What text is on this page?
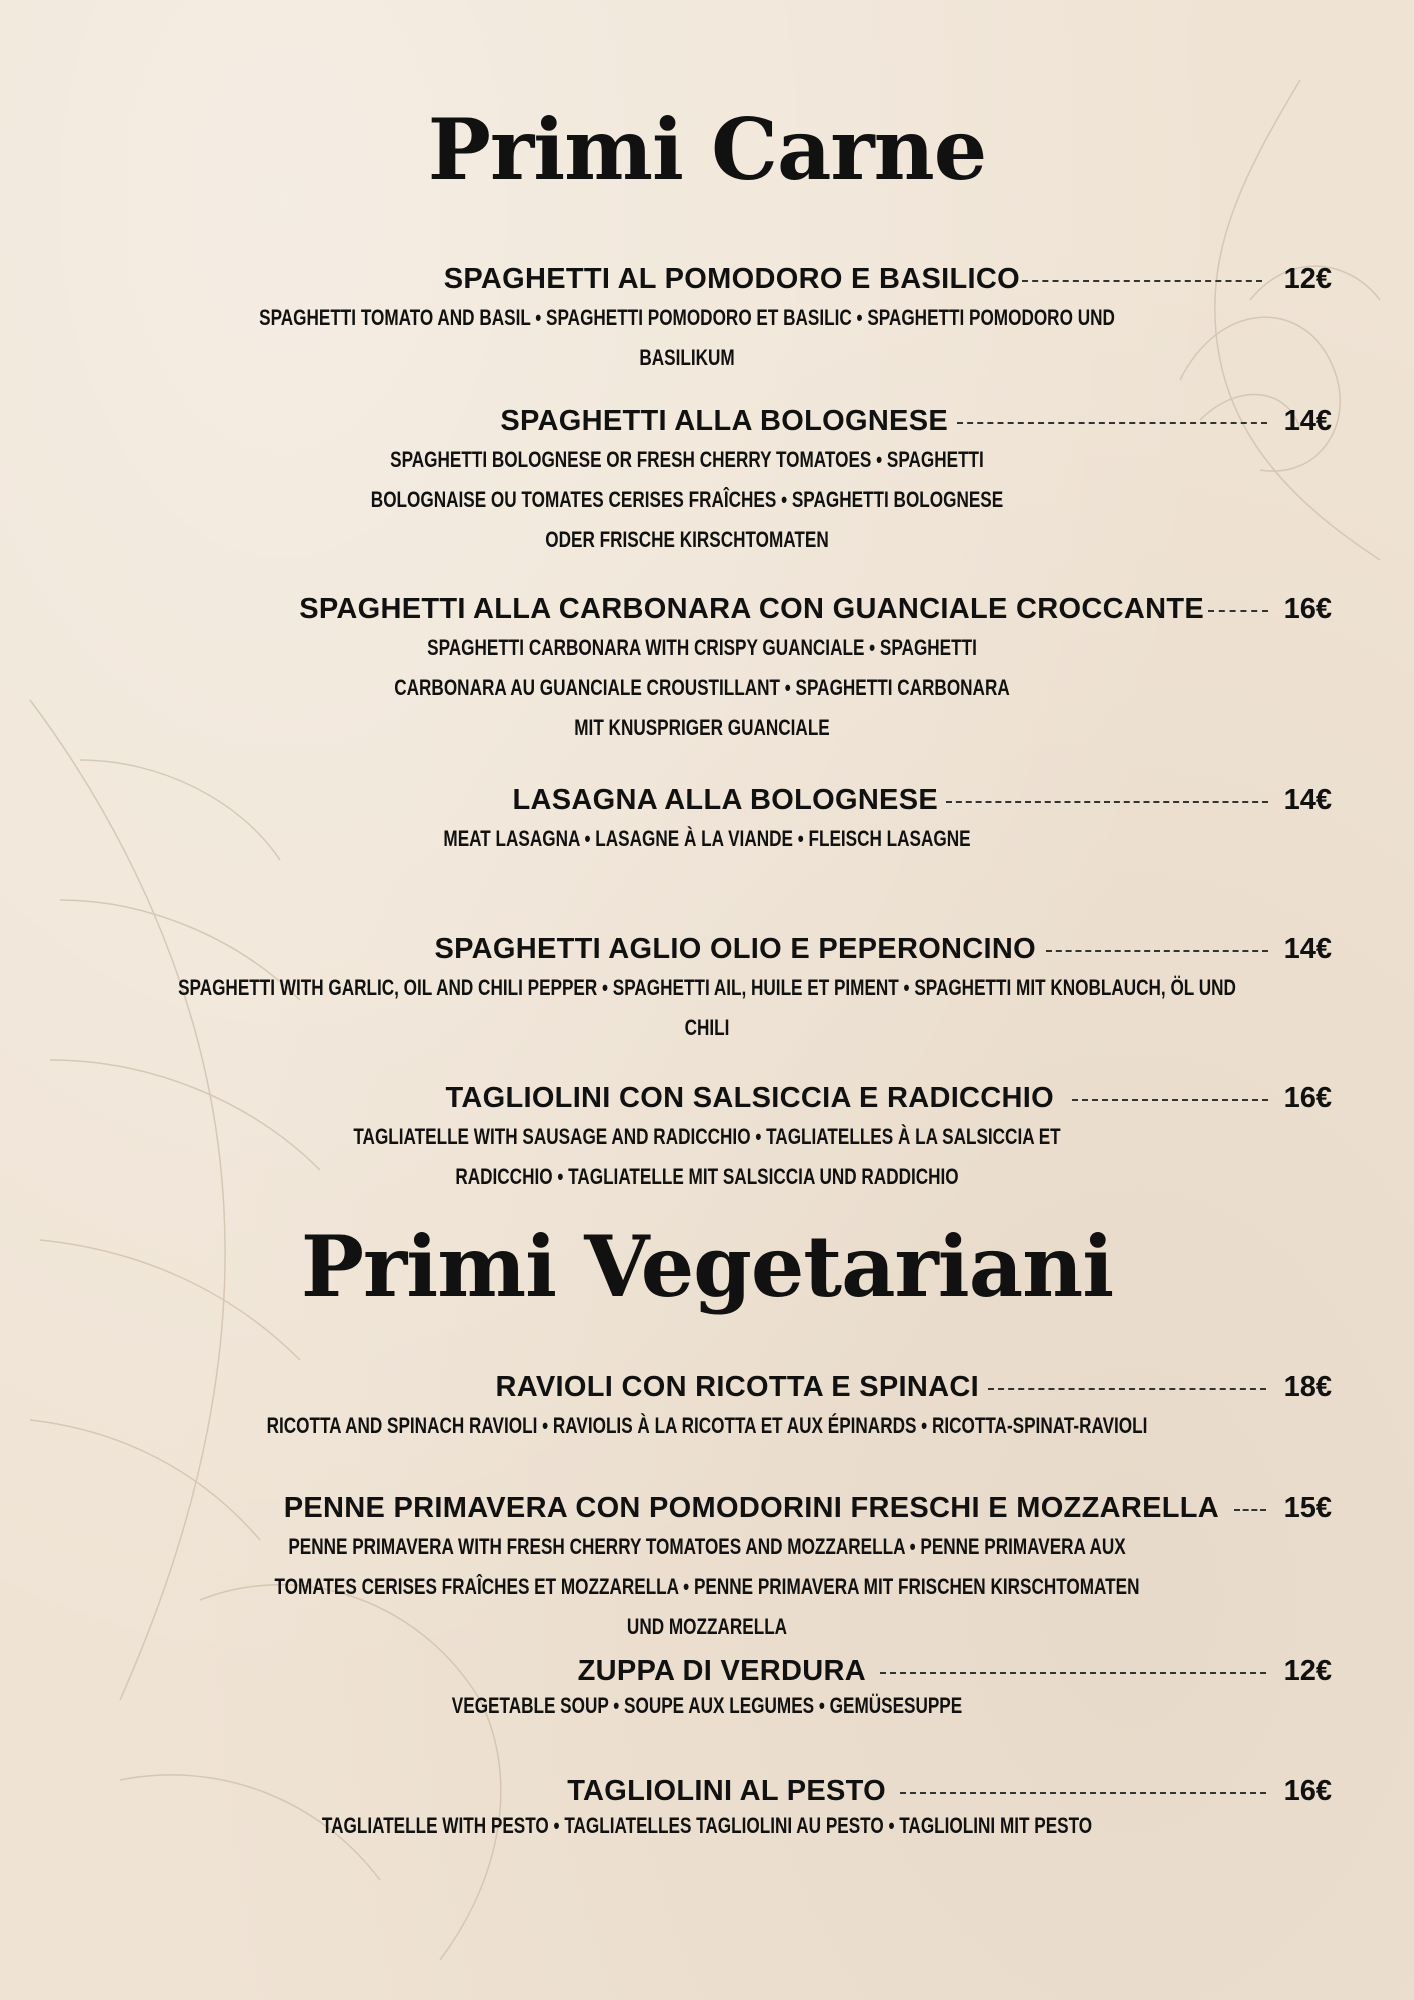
Primi Carne
SPAGHETTI AL POMODORO E BASILICO	12€
SPAGHETTI TOMATO AND BASIL • SPAGHETTI POMODORO ET BASILIC • SPAGHETTI POMODORO UND BASILIKUM
SPAGHETTI ALLA BOLOGNESE	14€
SPAGHETTI BOLOGNESE OR FRESH CHERRY TOMATOES • SPAGHETTI BOLOGNAISE OU TOMATES CERISES FRAÎCHES • SPAGHETTI BOLOGNESE ODER FRISCHE KIRSCHTOMATEN
SPAGHETTI ALLA CARBONARA CON GUANCIALE CROCCANTE	16€
SPAGHETTI CARBONARA WITH CRISPY GUANCIALE • SPAGHETTI CARBONARA AU GUANCIALE CROUSTILLANT • SPAGHETTI CARBONARA MIT KNUSPRIGER GUANCIALE
LASAGNA ALLA BOLOGNESE	14€
MEAT LASAGNA • LASAGNE À LA VIANDE • FLEISCH LASAGNE
SPAGHETTI AGLIO OLIO E PEPERONCINO	14€
SPAGHETTI WITH GARLIC, OIL AND CHILI PEPPER • SPAGHETTI AIL, HUILE ET PIMENT • SPAGHETTI MIT KNOBLAUCH, ÖL UND CHILI
TAGLIOLINI CON SALSICCIA E RADICCHIO	16€
TAGLIATELLE WITH SAUSAGE AND RADICCHIO • TAGLIATELLES À LA SALSICCIA ET RADICCHIO • TAGLIATELLE MIT SALSICCIA UND RADDICHIO
Primi Vegetariani
RAVIOLI CON RICOTTA E SPINACI	18€
RICOTTA AND SPINACH RAVIOLI • RAVIOLIS À LA RICOTTA ET AUX ÉPINARDS • RICOTTA-SPINAT-RAVIOLI
PENNE PRIMAVERA CON POMODORINI FRESCHI E MOZZARELLA 15€
PENNE PRIMAVERA WITH FRESH CHERRY TOMATOES AND MOZZARELLA • PENNE PRIMAVERA AUX TOMATES CERISES FRAÎCHES ET MOZZARELLA • PENNE PRIMAVERA MIT FRISCHEN KIRSCHTOMATEN UND MOZZARELLA
ZUPPA DI VERDURA	12€
VEGETABLE SOUP • SOUPE AUX LEGUMES • GEMÜSESUPPE
TAGLIOLINI AL PESTO	16€
TAGLIATELLE WITH PESTO • TAGLIATELLES TAGLIOLINI AU PESTO • TAGLIOLINI MIT PESTO
